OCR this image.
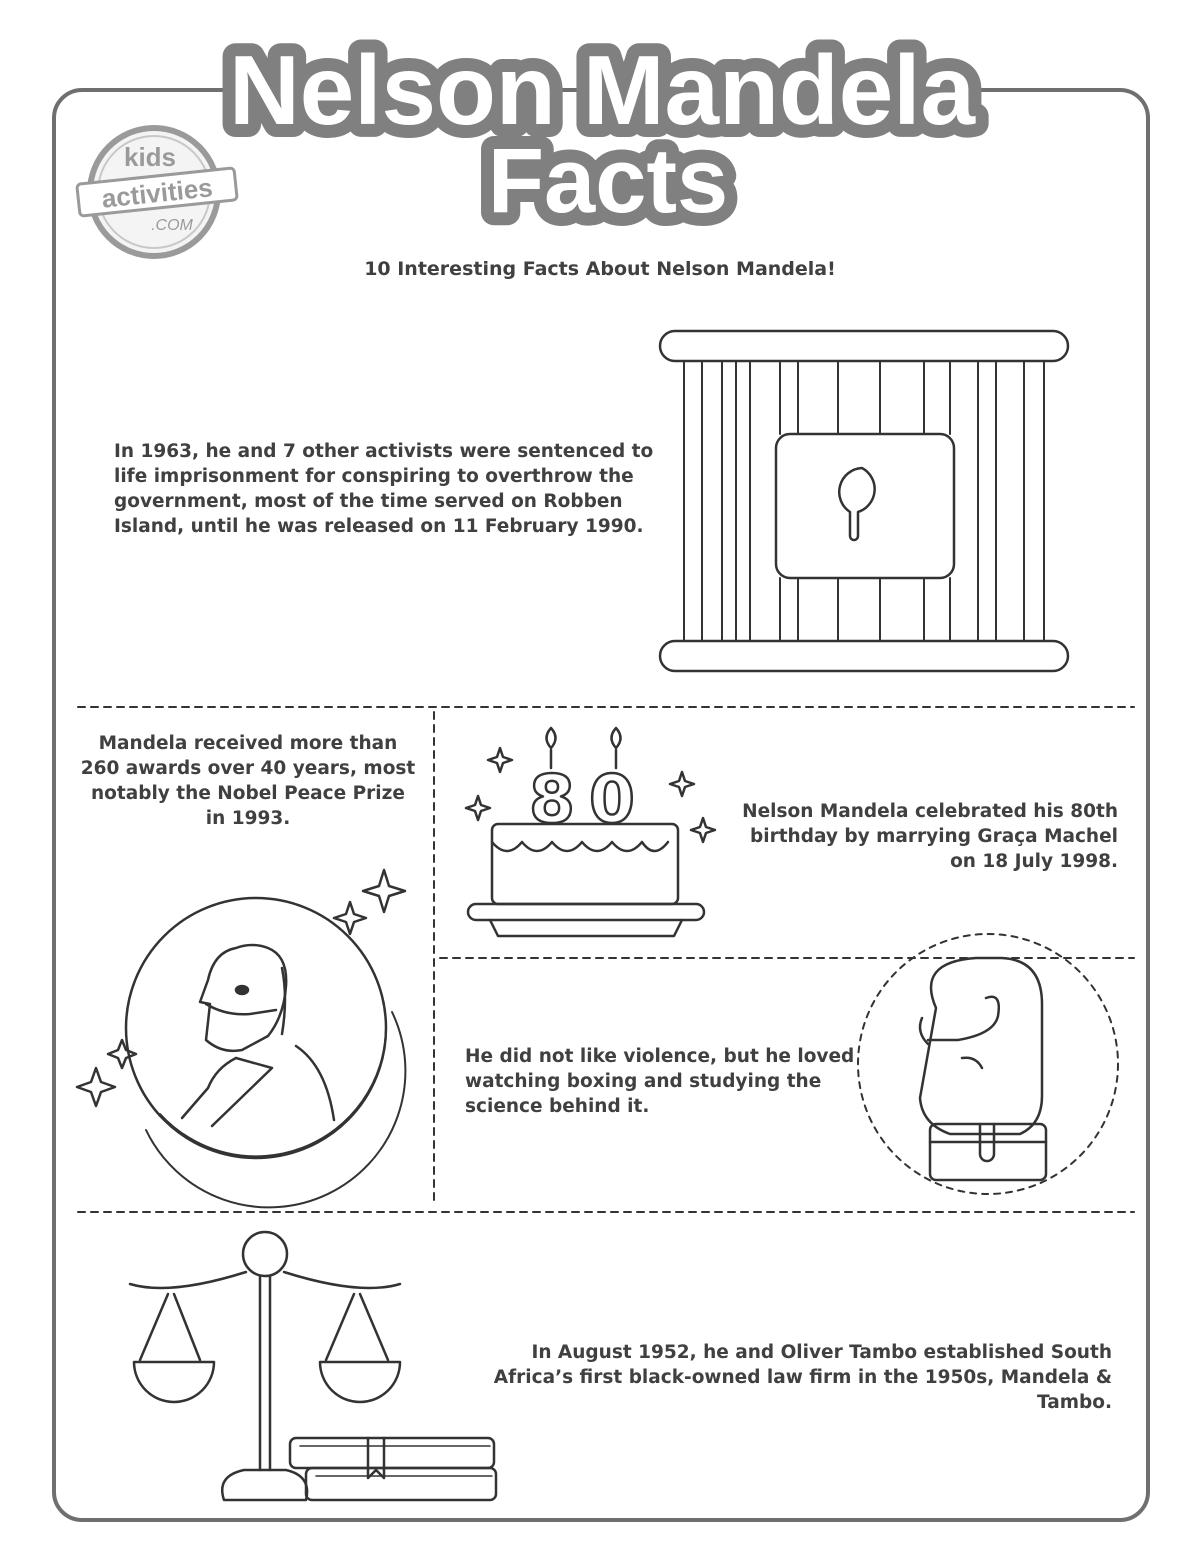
Nelson Mandela
Facts
kids
activities
.COM
10 Interesting Facts About Nelson Mandela!
In 1963, he and 7 other activists were sentenced to life imprisonment for conspiring to overthrow the government, most of the time served on Robben Island, until he was released on 11 February 1990.
Mandela received more than 260 awards over 40 years, most notably the Nobel Peace Prize in 1993.	Nelson Mandela celebrated his 80th birthday by marrying Graça Machel on 18 July 1998.
He did not like violence, but he loved watching boxing and studying the science behind it.
In August 1952, he and Oliver Tambo established South Africa’s first black-owned law firm in the 1950s, Mandela & Tambo.
8 0
